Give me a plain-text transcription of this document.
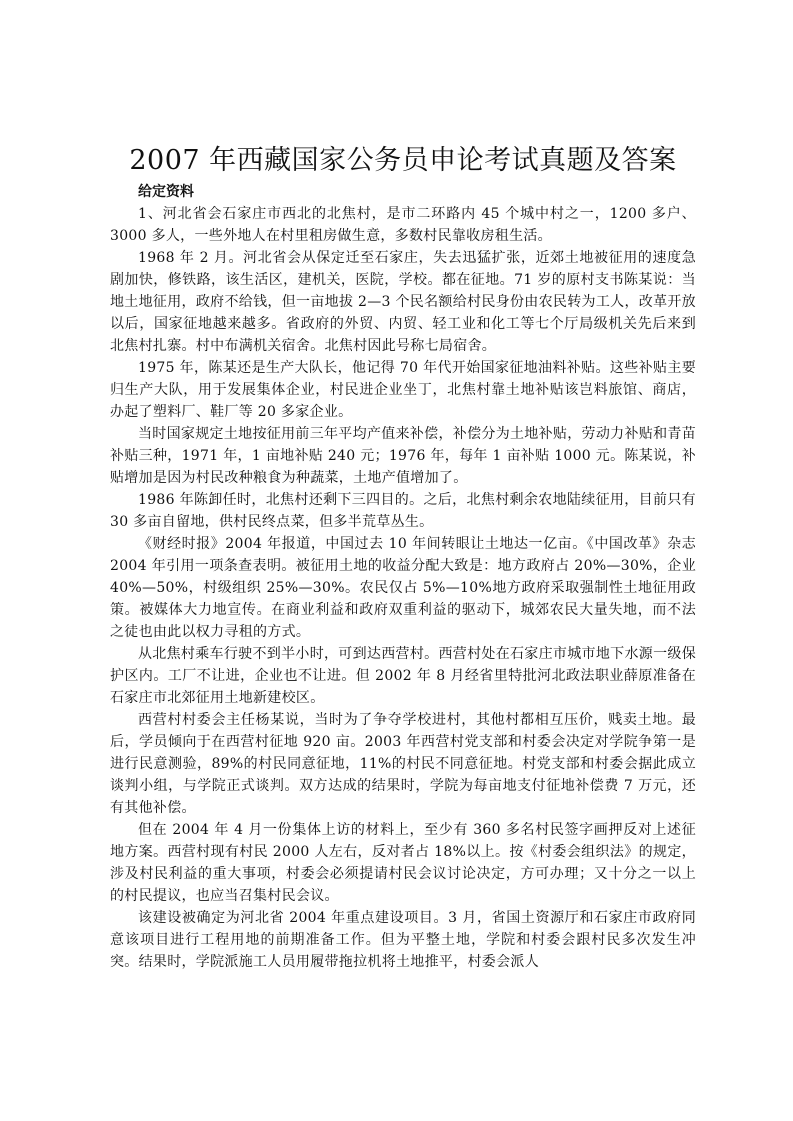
2007 年西藏国家公务员申论考试真题及答案
给定资料

1、河北省会石家庄市西北的北焦村，是市二环路内 45 个城中村之一，1200 多户、3000 多人，一些外地人在村里租房做生意，多数村民靠收房租生活。

1968 年 2 月。河北省会从保定迁至石家庄，失去迅猛扩张，近郊土地被征用的速度急剧加快，修铁路，该生活区，建机关，医院，学校。都在征地。71 岁的原村支书陈某说：当地土地征用，政府不给钱，但一亩地拔 2—3 个民名额给村民身份由农民转为工人，改革开放以后，国家征地越来越多。省政府的外贸、内贸、轻工业和化工等七个厅局级机关先后来到北焦村扎寨。村中布满机关宿舍。北焦村因此号称七局宿舍。

1975 年，陈某还是生产大队长，他记得 70 年代开始国家征地油料补贴。这些补贴主要归生产大队，用于发展集体企业，村民进企业坐丁，北焦村靠土地补贴该岂料旅馆、商店，办起了塑料厂、鞋厂等 20 多家企业。

当时国家规定土地按征用前三年平均产值来补偿，补偿分为土地补贴，劳动力补贴和青苗补贴三种，1971 年，1 亩地补贴 240 元；1976 年，每年 1 亩补贴 1000 元。陈某说，补贴增加是因为村民改种粮食为种蔬菜，土地产值增加了。

1986 年陈卸任时，北焦村还剩下三四目的。之后，北焦村剩余农地陆续征用，目前只有 30 多亩自留地，供村民终点菜，但多半荒草丛生。

《财经时报》2004 年报道，中国过去 10 年间转眼让土地达一亿亩。《中国改革》杂志 2004 年引用一项条查表明。被征用土地的收益分配大致是：地方政府占 20%—30%，企业 40%—50%，村级组织 25%—30%。农民仅占 5%—10%地方政府采取强制性土地征用政策。被媒体大力地宣传。在商业利益和政府双重利益的驱动下，城郊农民大量失地，而不法之徒也由此以权力寻租的方式。

从北焦村乘车行驶不到半小时，可到达西营村。西营村处在石家庄市城市地下水源一级保护区内。工厂不让进，企业也不让进。但 2002 年 8 月经省里特批河北政法职业薛原准备在石家庄市北郊征用土地新建校区。

西营村村委会主任杨某说，当时为了争夺学校进村，其他村都相互压价，贱卖土地。最后，学员倾向于在西营村征地 920 亩。2003 年西营村党支部和村委会决定对学院争第一是进行民意测验，89%的村民同意征地，11%的村民不同意征地。村党支部和村委会据此成立谈判小组，与学院正式谈判。双方达成的结果时，学院为每亩地支付征地补偿费 7 万元，还有其他补偿。

但在 2004 年 4 月一份集体上访的材料上，至少有 360 多名村民签字画押反对上述征地方案。西营村现有村民 2000 人左右，反对者占 18%以上。按《村委会组织法》的规定，涉及村民利益的重大事项，村委会必须提请村民会议讨论决定，方可办理；又十分之一以上的村民提议，也应当召集村民会议。

该建设被确定为河北省 2004 年重点建设项目。3 月，省国土资源厅和石家庄市政府同意该项目进行工程用地的前期准备工作。但为平整土地，学院和村委会跟村民多次发生冲突。结果时，学院派施工人员用履带拖拉机将土地推平，村委会派人
